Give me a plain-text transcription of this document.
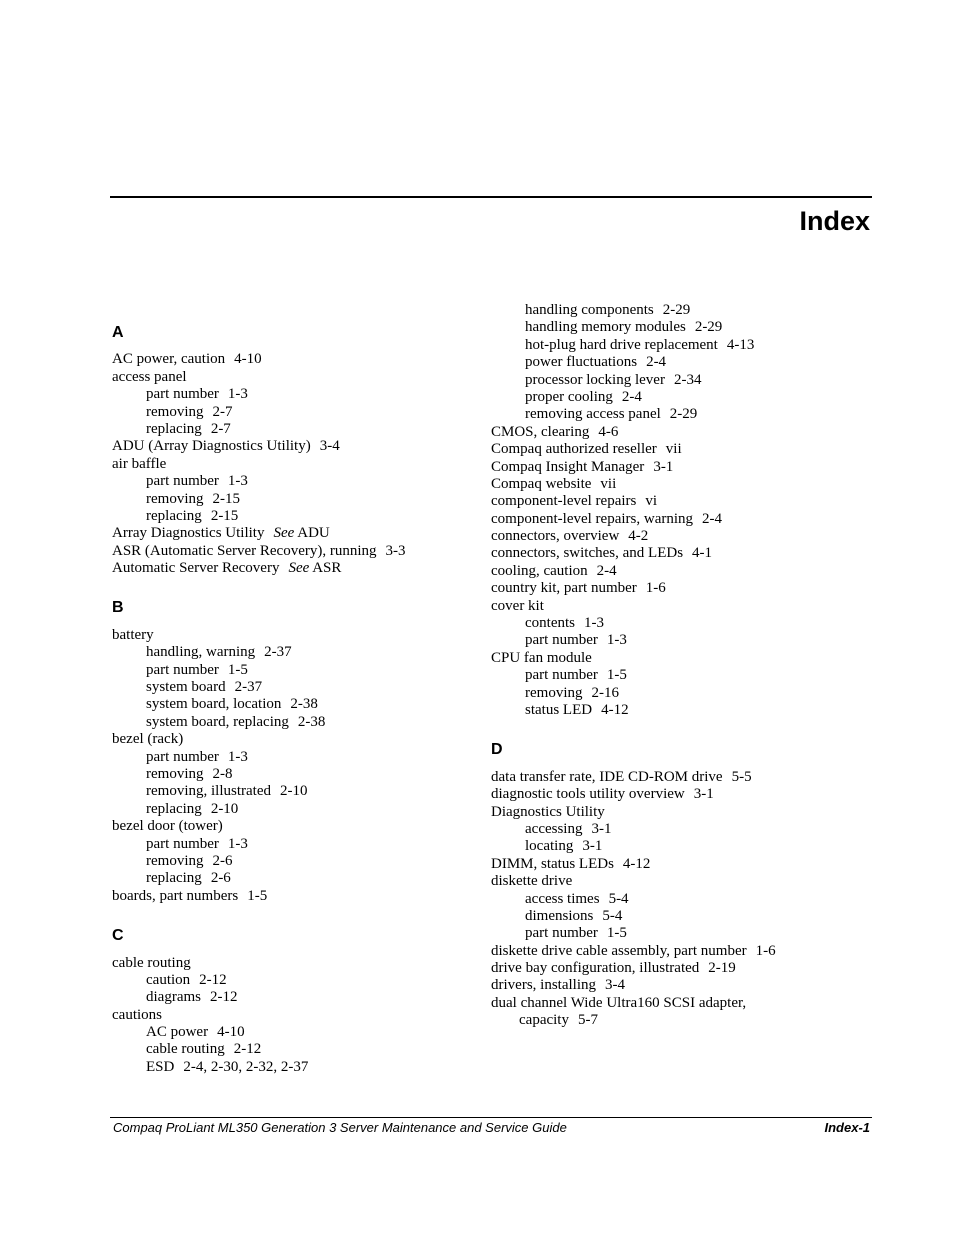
Index
A
AC power, caution 4-10
access panel
part number 1-3
removing 2-7
replacing 2-7
ADU (Array Diagnostics Utility) 3-4
air baffle
part number 1-3
removing 2-15
replacing 2-15
Array Diagnostics Utility See ADU
ASR (Automatic Server Recovery), running 3-3
Automatic Server Recovery See ASR
B
battery
handling, warning 2-37
part number 1-5
system board 2-37
system board, location 2-38
system board, replacing 2-38
bezel (rack)
part number 1-3
removing 2-8
removing, illustrated 2-10
replacing 2-10
bezel door (tower)
part number 1-3
removing 2-6
replacing 2-6
boards, part numbers 1-5
C
cable routing
caution 2-12
diagrams 2-12
cautions
AC power 4-10
cable routing 2-12
ESD 2-4, 2-30, 2-32, 2-37
handling components 2-29
handling memory modules 2-29
hot-plug hard drive replacement 4-13
power fluctuations 2-4
processor locking lever 2-34
proper cooling 2-4
removing access panel 2-29
CMOS, clearing 4-6
Compaq authorized reseller vii
Compaq Insight Manager 3-1
Compaq website vii
component-level repairs vi
component-level repairs, warning 2-4
connectors, overview 4-2
connectors, switches, and LEDs 4-1
cooling, caution 2-4
country kit, part number 1-6
cover kit
contents 1-3
part number 1-3
CPU fan module
part number 1-5
removing 2-16
status LED 4-12
D
data transfer rate, IDE CD-ROM drive 5-5
diagnostic tools utility overview 3-1
Diagnostics Utility
accessing 3-1
locating 3-1
DIMM, status LEDs 4-12
diskette drive
access times 5-4
dimensions 5-4
part number 1-5
diskette drive cable assembly, part number 1-6
drive bay configuration, illustrated 2-19
drivers, installing 3-4
dual channel Wide Ultra160 SCSI adapter,
capacity 5-7
Compaq ProLiant ML350 Generation 3 Server Maintenance and Service Guide	Index-1
